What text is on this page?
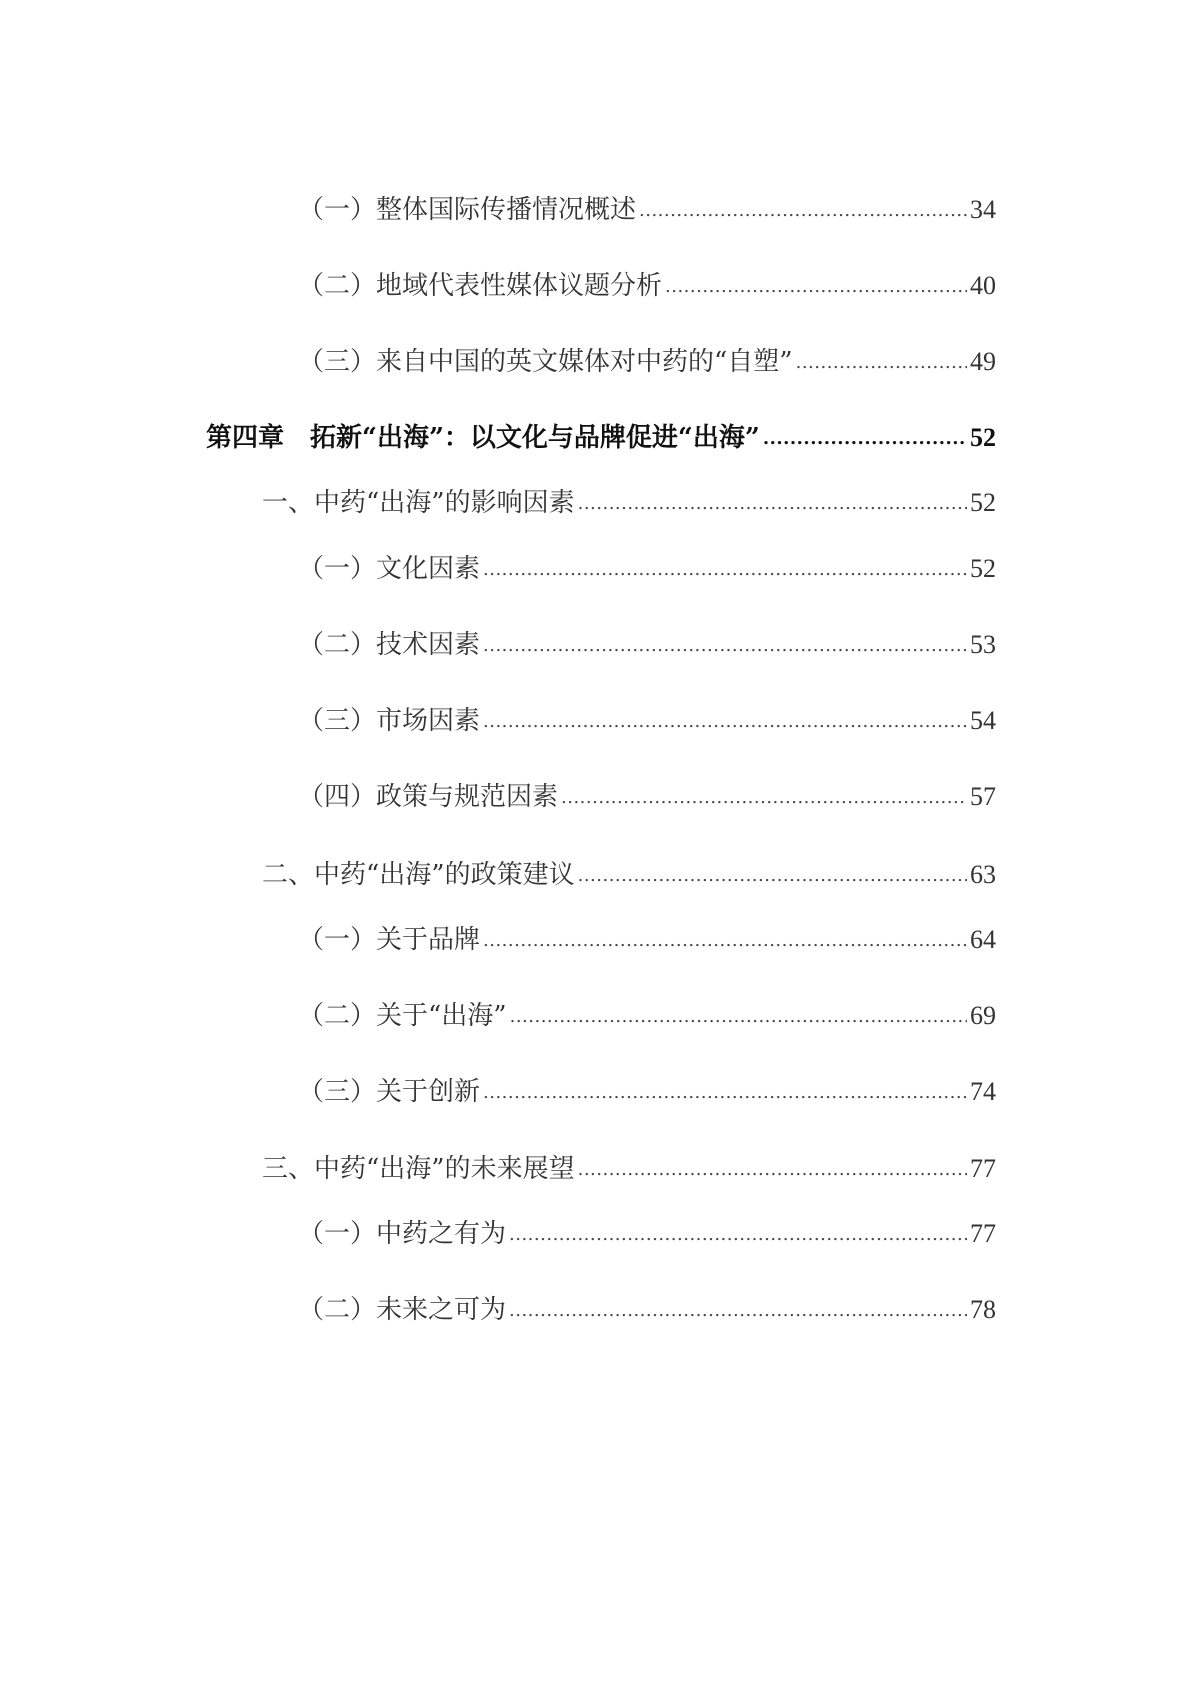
（一）整体国际传播情况概述 .....	34
（二）地域代表性媒体议题分析 .....	40
（三）来自中国的英文媒体对中药的“自塑” .....	49
第四章　拓新“出海”：以文化与品牌促进“出海” .....	52
一、中药“出海”的影响因素 .....	52
（一）文化因素 .....	52
（二）技术因素 .....	53
（三）市场因素 .....	54
（四）政策与规范因素 .....	57
二、中药“出海”的政策建议 .....	63
（一）关于品牌 .....	64
（二）关于“出海” .....	69
（三）关于创新 .....	74
三、中药“出海”的未来展望 .....	77
（一）中药之有为 .....	77
（二）未来之可为 .....	78
